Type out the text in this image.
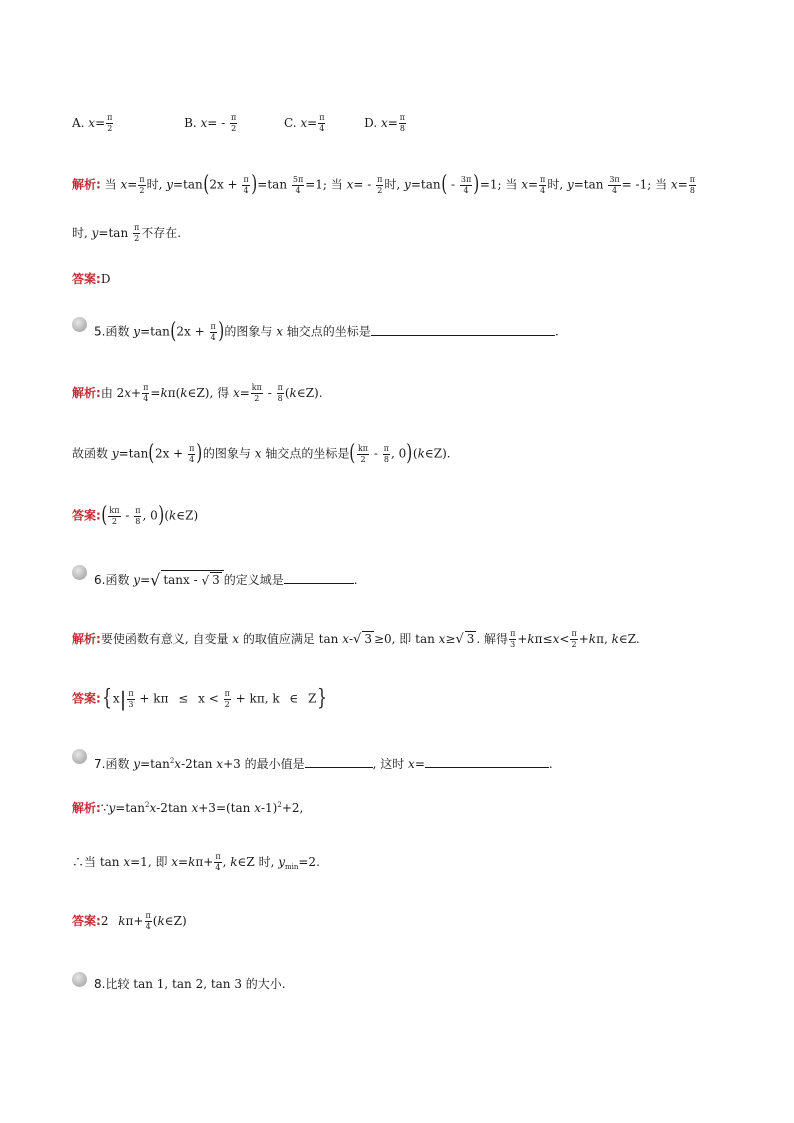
A. $x= \frac{\pi}{2}$	B. $x= - \frac{\pi}{2}$	C. $x= \frac{\pi}{4}$	D. $x= \frac{\pi}{8}$
解析: 当 $x= \frac{\pi}{2}$ 时, $y=\tan(2x + \frac{\pi}{4} )=\tan \frac{5\pi}{4} =1$; 当 $x= - \frac{\pi}{2}$ 时, $y=\tan( - \frac{3\pi}{4} )=1$; 当 $x= \frac{\pi}{4}$ 时, $y=\tan \frac{3\pi}{4} = -1$; 当 $x= \frac{\pi}{8}$
时, $y=\tan \frac{\pi}{2}$ 不存在.
答案:D
5.函数 $y=\tan(2x + \frac{\pi}{4}$ )的图象与 x 轴交点的坐标是	.
解析:由 $2x+ \frac{\pi}{4}$ =kπ(k∈Z), 得 $x= \frac{k\pi}{2} - \frac{\pi}{8}$ (k∈Z).
故函数 $y=\tan(2x + \frac{\pi}{4}$ )的图象与 x 轴交点的坐标是( $\frac{k\pi}{2} - \frac{\pi}{8}$ , 0)(k∈Z).
答案:( $\frac{k\pi}{2} - \frac{\pi}{8}$ , 0)(k∈Z)
6.函数 y=√ tanx - √ 3 的定义域是	.
解析:要使函数有意义, 自变量 x 的取值应满足 tan x-√ 3 ≥0, 即 tan x≥√ 3 . 解得 $\frac{\pi}{3} +k\pi\le x< \frac{\pi}{2} +k\pi$, k∈Z.
答案:{x| $\frac{\pi}{3} + k\pi \le x < \frac{\pi}{2} + k\pi$, k ∈ Z}
7.函数 $y=\tan^2x-2\tan$ x+3 的最小值是	, 这时 x=	.
解析$:\because y=\tan^2x-2\tan$ x+3=(tan x-1)$^2$+2,
∴当 tan x=1, 即 $x=k\pi+ \frac{\pi}{4}$ , k∈Z 时, $y_{min}=2$.
答案:2 $k\pi+ \frac{\pi}{4}$ (k∈Z)
8.比较 tan 1, tan 2, tan 3 的大小.
